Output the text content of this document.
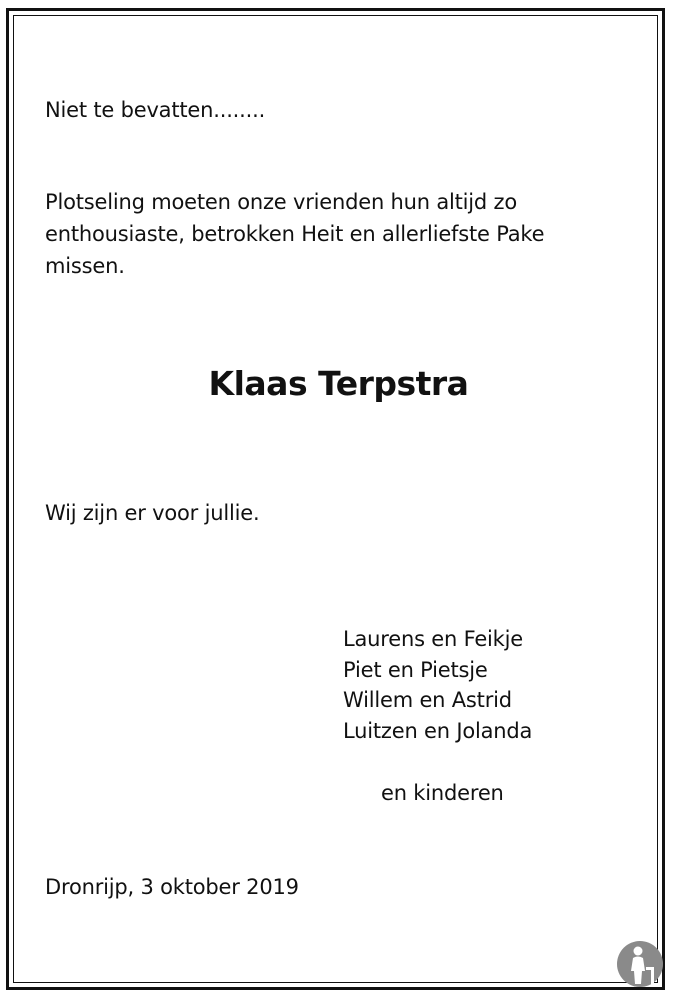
Niet te bevatten........
Plotseling moeten onze vrienden hun altijd zo
enthousiaste, betrokken Heit en allerliefste Pake
missen.
Klaas Terpstra
Wij zijn er voor jullie.
Laurens en Feikje
Piet en Pietsje
Willem en Astrid
Luitzen en Jolanda
en kinderen
Dronrijp, 3 oktober 2019
